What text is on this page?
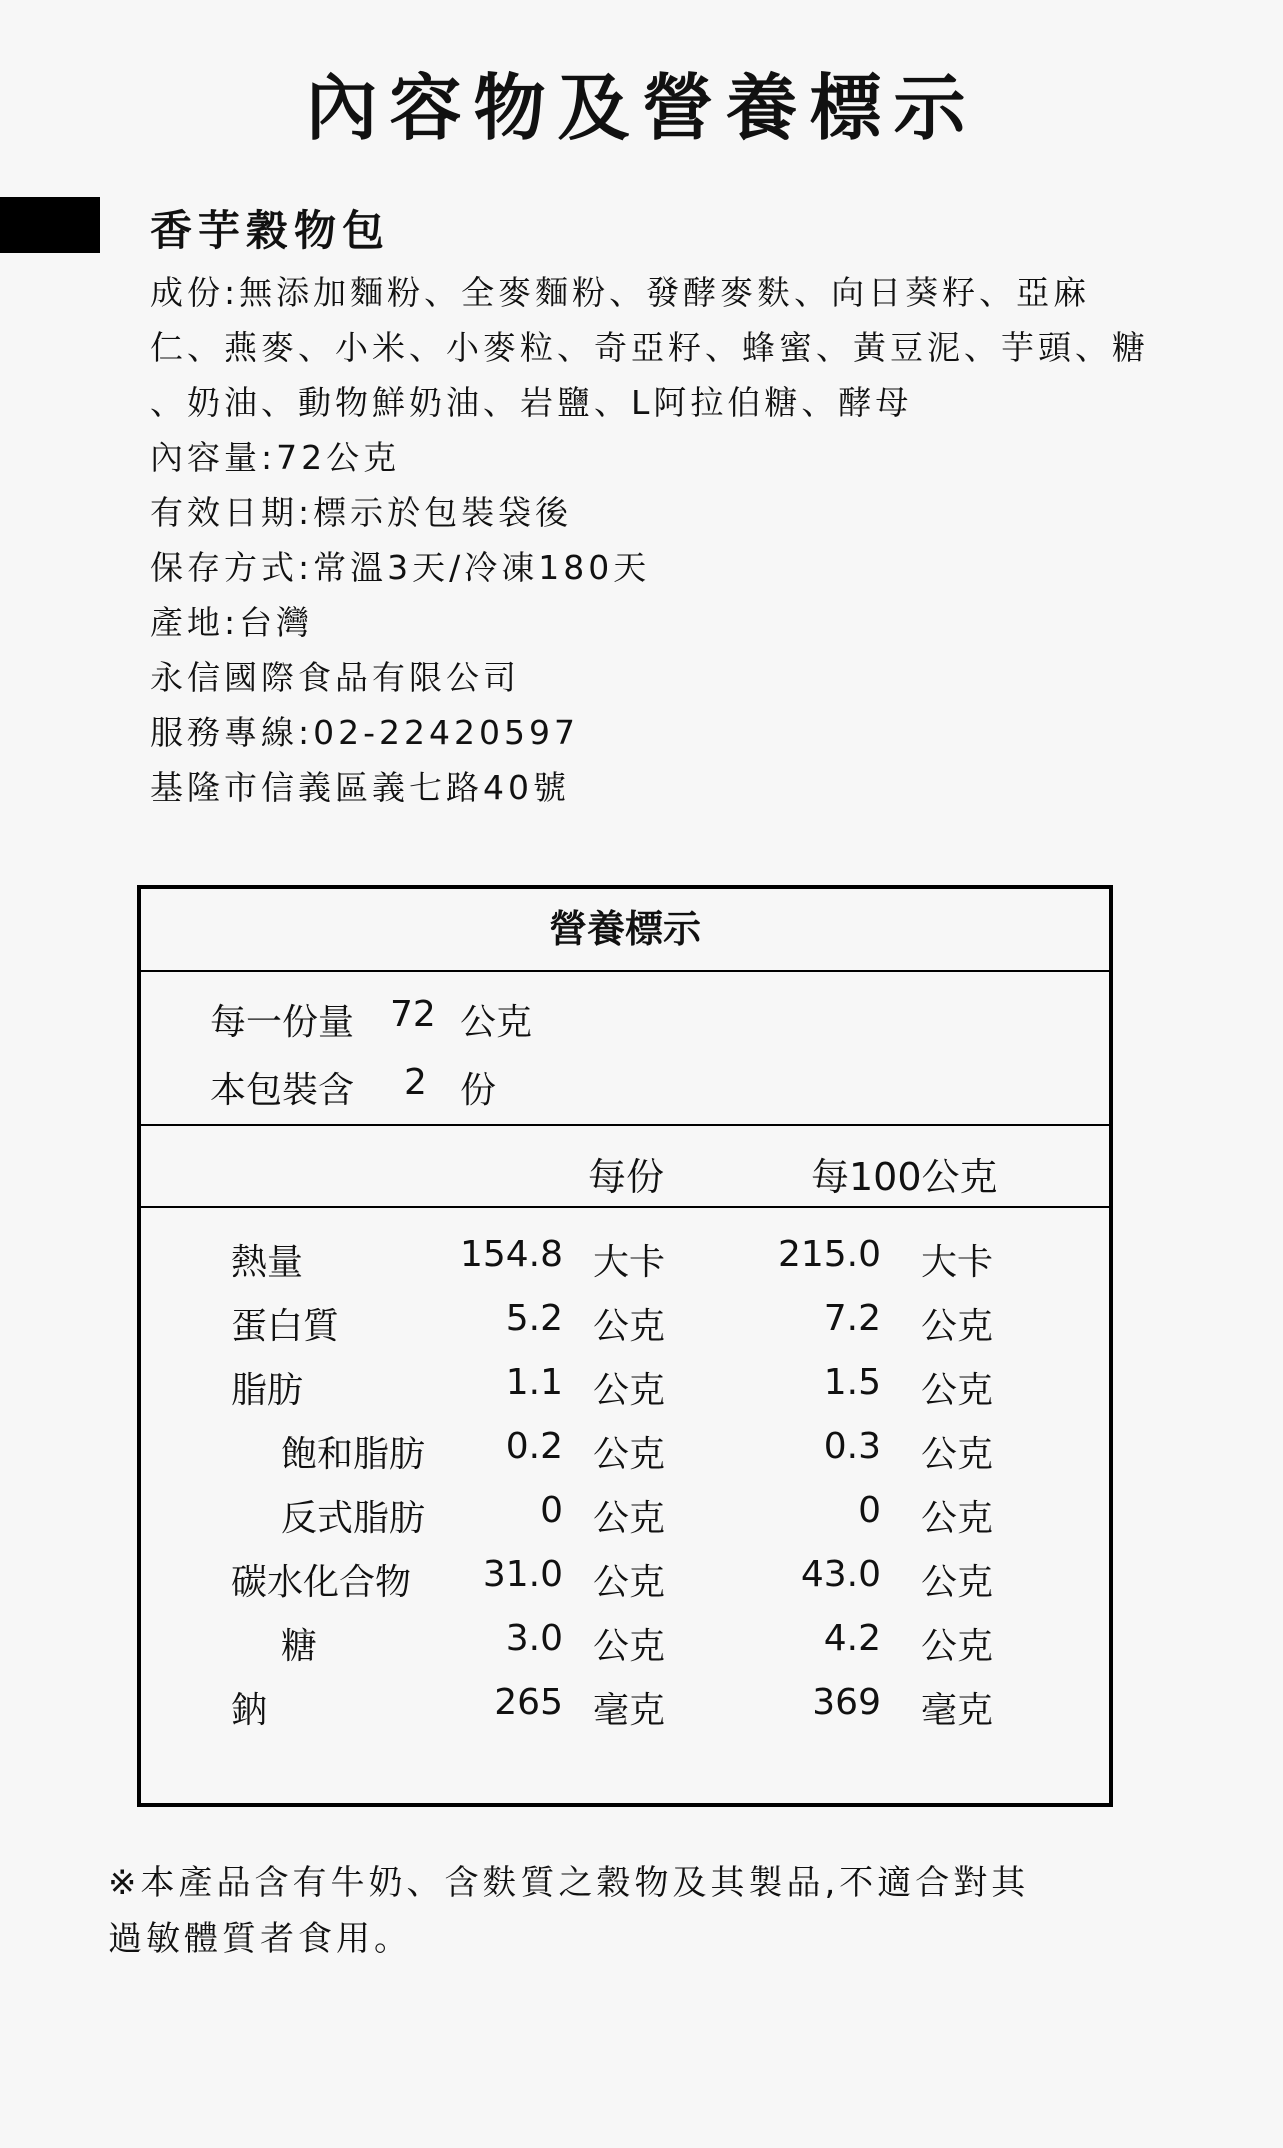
內容物及營養標示
香芋穀物包
成份:無添加麵粉、全麥麵粉、發酵麥麩、向日葵籽、亞麻
仁、燕麥、小米、小麥粒、奇亞籽、蜂蜜、黃豆泥、芋頭、糖
、奶油、動物鮮奶油、岩鹽、L阿拉伯糖、酵母
內容量:72公克
有效日期:標示於包裝袋後
保存方式:常溫3天/冷凍180天
產地:台灣
永信國際食品有限公司
服務專線:02-22420597
基隆市信義區義七路40號
營養標示
每一份量 72 公克
本包裝含 2 份
每份	每100公克
熱量	154.8 大卡	215.0 大卡
蛋白質	5.2 公克	7.2 公克
脂肪	1.1 公克	1.5 公克
飽和脂肪	0.2 公克	0.3 公克
反式脂肪	0 公克	0 公克
碳水化合物	31.0 公克	43.0 公克
糖	3.0 公克	4.2 公克
鈉	265 毫克	369 毫克
※本產品含有牛奶、含麩質之穀物及其製品,不適合對其
過敏體質者食用。
